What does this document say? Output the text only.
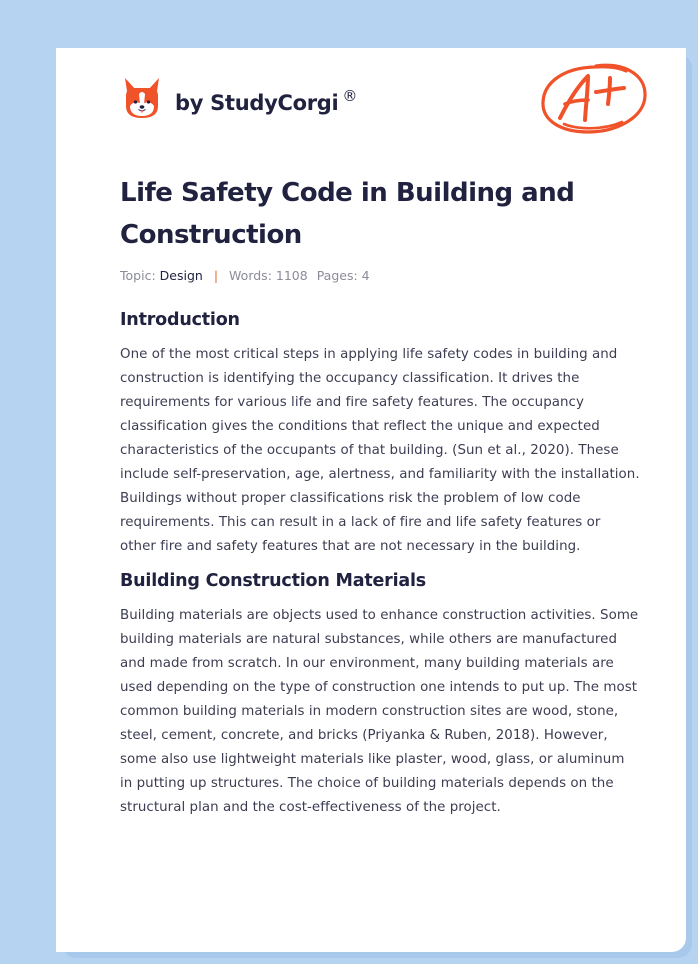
by StudyCorgi ®
Life Safety Code in Building and Construction
Topic: Design | Words: 1108 Pages: 4
Introduction

One of the most critical steps in applying life safety codes in building and construction is identifying the occupancy classification. It drives the requirements for various life and fire safety features. The occupancy classification gives the conditions that reflect the unique and expected characteristics of the occupants of that building. (Sun et al., 2020). These include self-preservation, age, alertness, and familiarity with the installation. Buildings without proper classifications risk the problem of low code requirements. This can result in a lack of fire and life safety features or other fire and safety features that are not necessary in the building.

Building Construction Materials

Building materials are objects used to enhance construction activities. Some building materials are natural substances, while others are manufactured and made from scratch. In our environment, many building materials are used depending on the type of construction one intends to put up. The most common building materials in modern construction sites are wood, stone, steel, cement, concrete, and bricks (Priyanka & Ruben, 2018). However, some also use lightweight materials like plaster, wood, glass, or aluminum in putting up structures. The choice of building materials depends on the structural plan and the cost-effectiveness of the project.
